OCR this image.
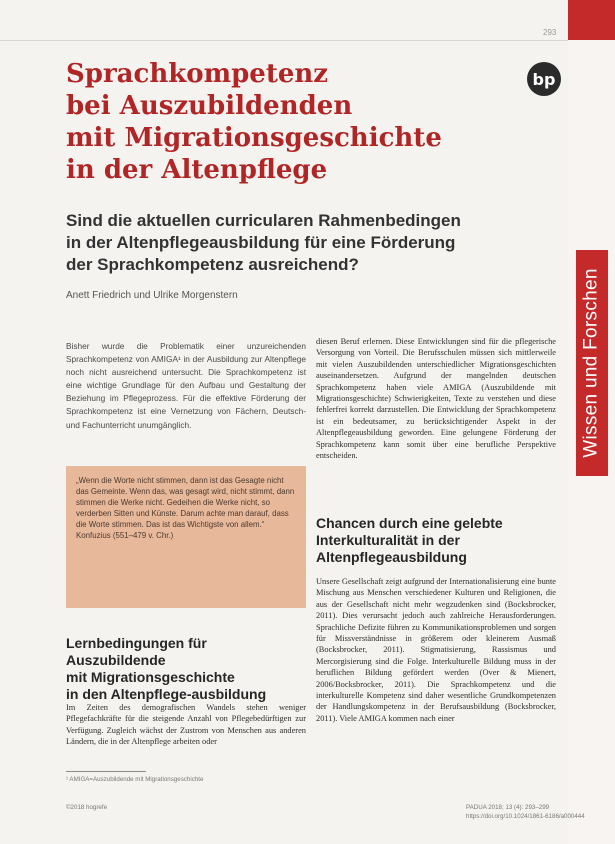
293
Wissen und Forschen
bp
Sprachkompetenz
bei Auszubildenden
mit Migrationsgeschichte
in der Altenpflege
Sind die aktuellen curricularen Rahmenbedingen
in der Altenpflegeausbildung für eine Förderung
der Sprachkompetenz ausreichend?
Anett Friedrich und Ulrike Morgenstern

Bisher wurde die Problematik einer unzureichenden Sprachkompetenz von AMIGA¹ in der Ausbildung zur Altenpflege noch nicht ausreichend untersucht. Die Sprachkompetenz ist eine wichtige Grundlage für den Aufbau und Gestaltung der Beziehung im Pflegeprozess. Für die effektive Förderung der Sprachkompetenz ist eine Vernetzung von Fächern, Deutsch- und Fachunterricht unumgänglich.

„Wenn die Worte nicht stimmen, dann ist das Gesagte nicht das Gemeinte. Wenn das, was gesagt wird, nicht stimmt, dann stimmen die Werke nicht. Gedeihen die Werke nicht, so verderben Sitten und Künste. Darum achte man darauf, dass die Worte stimmen. Das ist das Wichtigste von allem.“

Konfuzius (551–479 v. Chr.)

Lernbedingungen für Auszubildende
mit Migrationsgeschichte
in den Altenpflege-ausbildung

Im Zeiten des demografischen Wandels stehen weniger Pflegefachkräfte für die steigende Anzahl von Pflegebedürftigen zur Verfügung. Zugleich wächst der Zustrom von Menschen aus anderen Ländern, die in der Altenpflege arbeiten oder

diesen Beruf erlernen. Diese Entwicklungen sind für die pflegerische Versorgung von Vorteil. Die Berufsschulen müssen sich mittlerweile mit vielen Auszubildenden unterschiedlicher Migrationsgeschichten auseinandersetzen. Aufgrund der mangelnden deutschen Sprachkompetenz haben viele AMIGA (Auszubildende mit Migrationsgeschichte) Schwierigkeiten, Texte zu verstehen und diese fehlerfrei korrekt darzustellen. Die Entwicklung der Sprachkompetenz ist ein bedeutsamer, zu berücksichtigender Aspekt in der Altenpflegeausbildung geworden. Eine gelungene Förderung der Sprachkompetenz kann somit über eine berufliche Perspektive entscheiden.

Chancen durch eine gelebte
Interkulturalität in der
Altenpflegeausbildung

Unsere Gesellschaft zeigt aufgrund der Internationalisierung eine bunte Mischung aus Menschen verschiedener Kulturen und Religionen, die aus der Gesellschaft nicht mehr wegzudenken sind (Bocksbrocker, 2011). Dies verursacht jedoch auch zahlreiche Herausforderungen. Sprachliche Defizite führen zu Kommunikationsproblemen und sorgen für Missverständnisse in größerem oder kleinerem Ausmaß (Bocksbrocker, 2011). Stigmatisierung, Rassismus und Mercorgisierung sind die Folge. Interkulturelle Bildung muss in der beruflichen Bildung gefördert werden (Over & Mienert, 2006/Bocksbrocker, 2011). Die Sprachkompetenz und die interkulturelle Kompetenz sind daher wesentliche Grundkompetenzen der Handlungskompetenz in der Berufsausbildung (Bocksbrocker, 2011). Viele AMIGA kommen nach einer

¹ AMIGA=Auszubildende mit Migrationsgeschichte
©2018 hogrefe	PADUA 2018; 13 (4): 293–299
https://doi.org/10.1024/1861-6186/a000444
